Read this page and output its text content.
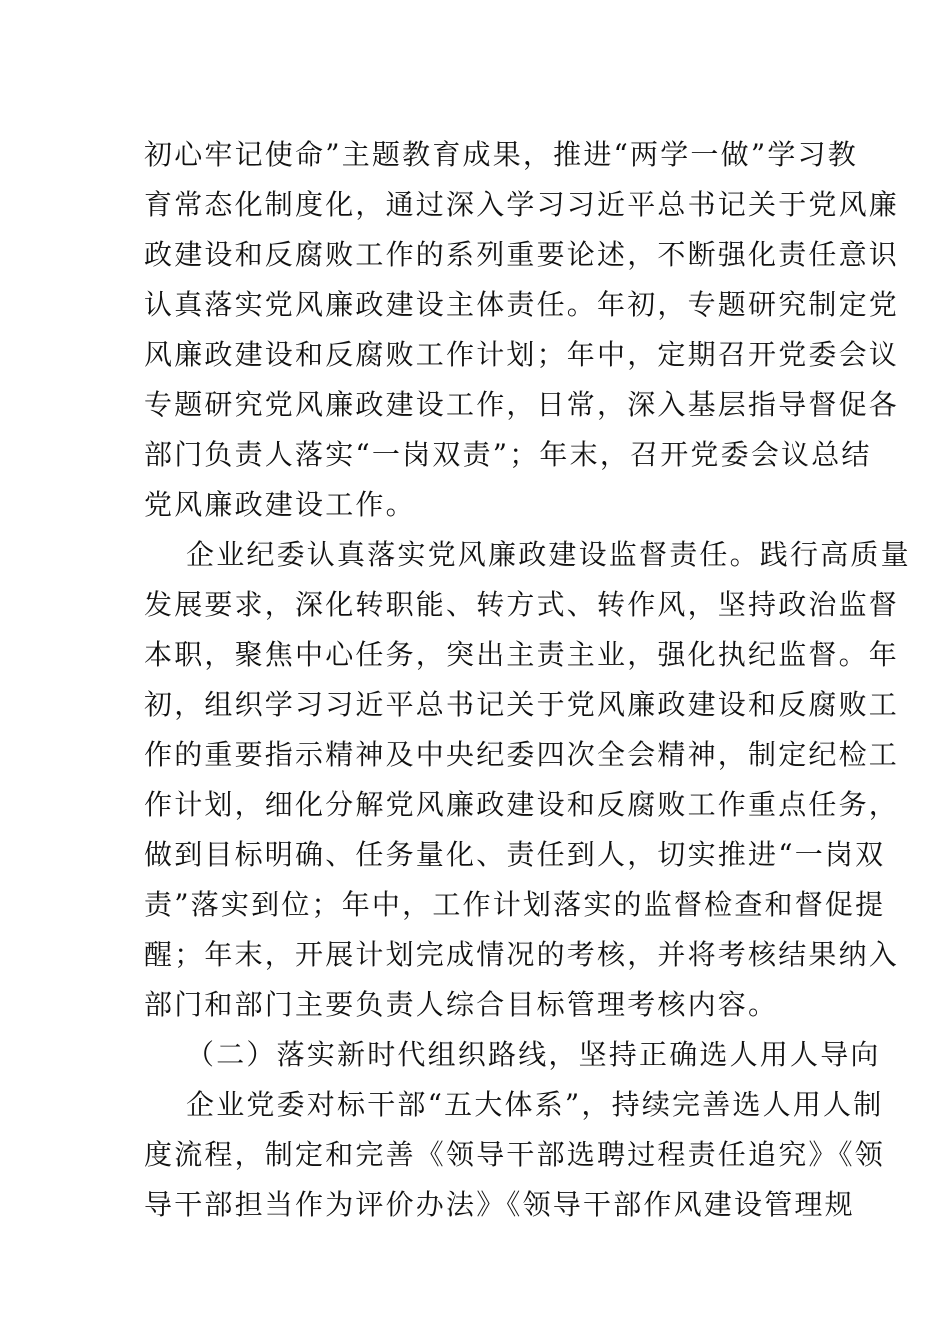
初心牢记使命”主题教育成果，推进“两学一做”学习教
育常态化制度化，通过深入学习习近平总书记关于党风廉
政建设和反腐败工作的系列重要论述，不断强化责任意识
认真落实党风廉政建设主体责任。年初，专题研究制定党
风廉政建设和反腐败工作计划；年中，定期召开党委会议
专题研究党风廉政建设工作，日常，深入基层指导督促各
部门负责人落实“一岗双责”；年末，召开党委会议总结
党风廉政建设工作。
企业纪委认真落实党风廉政建设监督责任。践行高质量
发展要求，深化转职能、转方式、转作风，坚持政治监督
本职，聚焦中心任务，突出主责主业，强化执纪监督。年
初，组织学习习近平总书记关于党风廉政建设和反腐败工
作的重要指示精神及中央纪委四次全会精神，制定纪检工
作计划，细化分解党风廉政建设和反腐败工作重点任务，
做到目标明确、任务量化、责任到人，切实推进“一岗双
责”落实到位；年中，工作计划落实的监督检查和督促提
醒；年末，开展计划完成情况的考核，并将考核结果纳入
部门和部门主要负责人综合目标管理考核内容。
（二）落实新时代组织路线，坚持正确选人用人导向
企业党委对标干部“五大体系”，持续完善选人用人制
度流程，制定和完善《领导干部选聘过程责任追究》《领
导干部担当作为评价办法》《领导干部作风建设管理规
